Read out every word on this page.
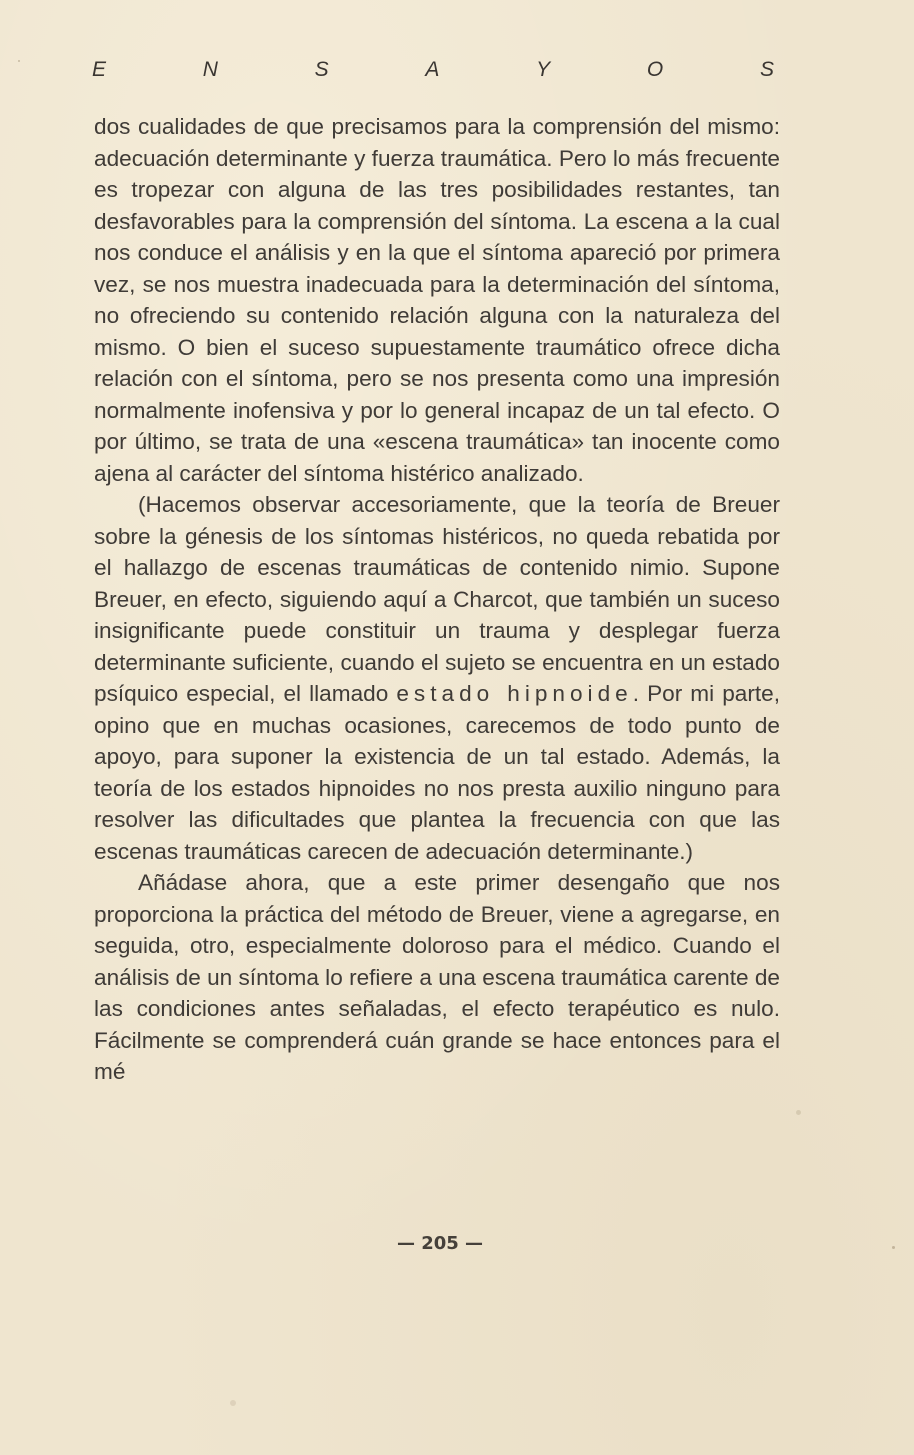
E	N	S	A	Y	O	S

dos cualidades de que precisamos para la comprensión del mismo: adecuación determinante y fuerza traumática. Pero lo más frecuente es tropezar con alguna de las tres posibilidades restantes, tan desfavorables para la comprensión del síntoma. La escena a la cual nos conduce el análisis y en la que el síntoma apareció por primera vez, se nos muestra inadecuada para la determinación del síntoma, no ofreciendo su contenido relación alguna con la naturaleza del mismo. O bien el suceso supuestamente traumático ofrece dicha relación con el síntoma, pero se nos presenta como una impresión normalmente inofensiva y por lo general incapaz de un tal efecto. O por último, se trata de una «escena traumática» tan inocente como ajena al carácter del síntoma histérico analizado.

(Hacemos observar accesoriamente, que la teoría de Breuer sobre la génesis de los síntomas histéricos, no queda rebatida por el hallazgo de escenas traumáticas de contenido nimio. Supone Breuer, en efecto, siguiendo aquí a Charcot, que también un suceso insignificante puede constituir un trauma y desplegar fuerza determinante suficiente, cuando el sujeto se encuentra en un estado psíquico especial, el llamado estado hipnoide. Por mi parte, opino que en muchas ocasiones, carecemos de todo punto de apoyo, para suponer la existencia de un tal estado. Además, la teoría de los estados hipnoides no nos presta auxilio ninguno para resolver las dificultades que plantea la frecuencia con que las escenas traumáticas carecen de adecuación determinante.)

Añádase ahora, que a este primer desengaño que nos proporciona la práctica del método de Breuer, viene a agregarse, en seguida, otro, especialmente doloroso para el médico. Cuando el análisis de un síntoma lo refiere a una escena traumática carente de las condiciones antes señaladas, el efecto terapéutico es nulo. Fácilmente se comprenderá cuán grande se hace entonces para el mé

— 205 —
